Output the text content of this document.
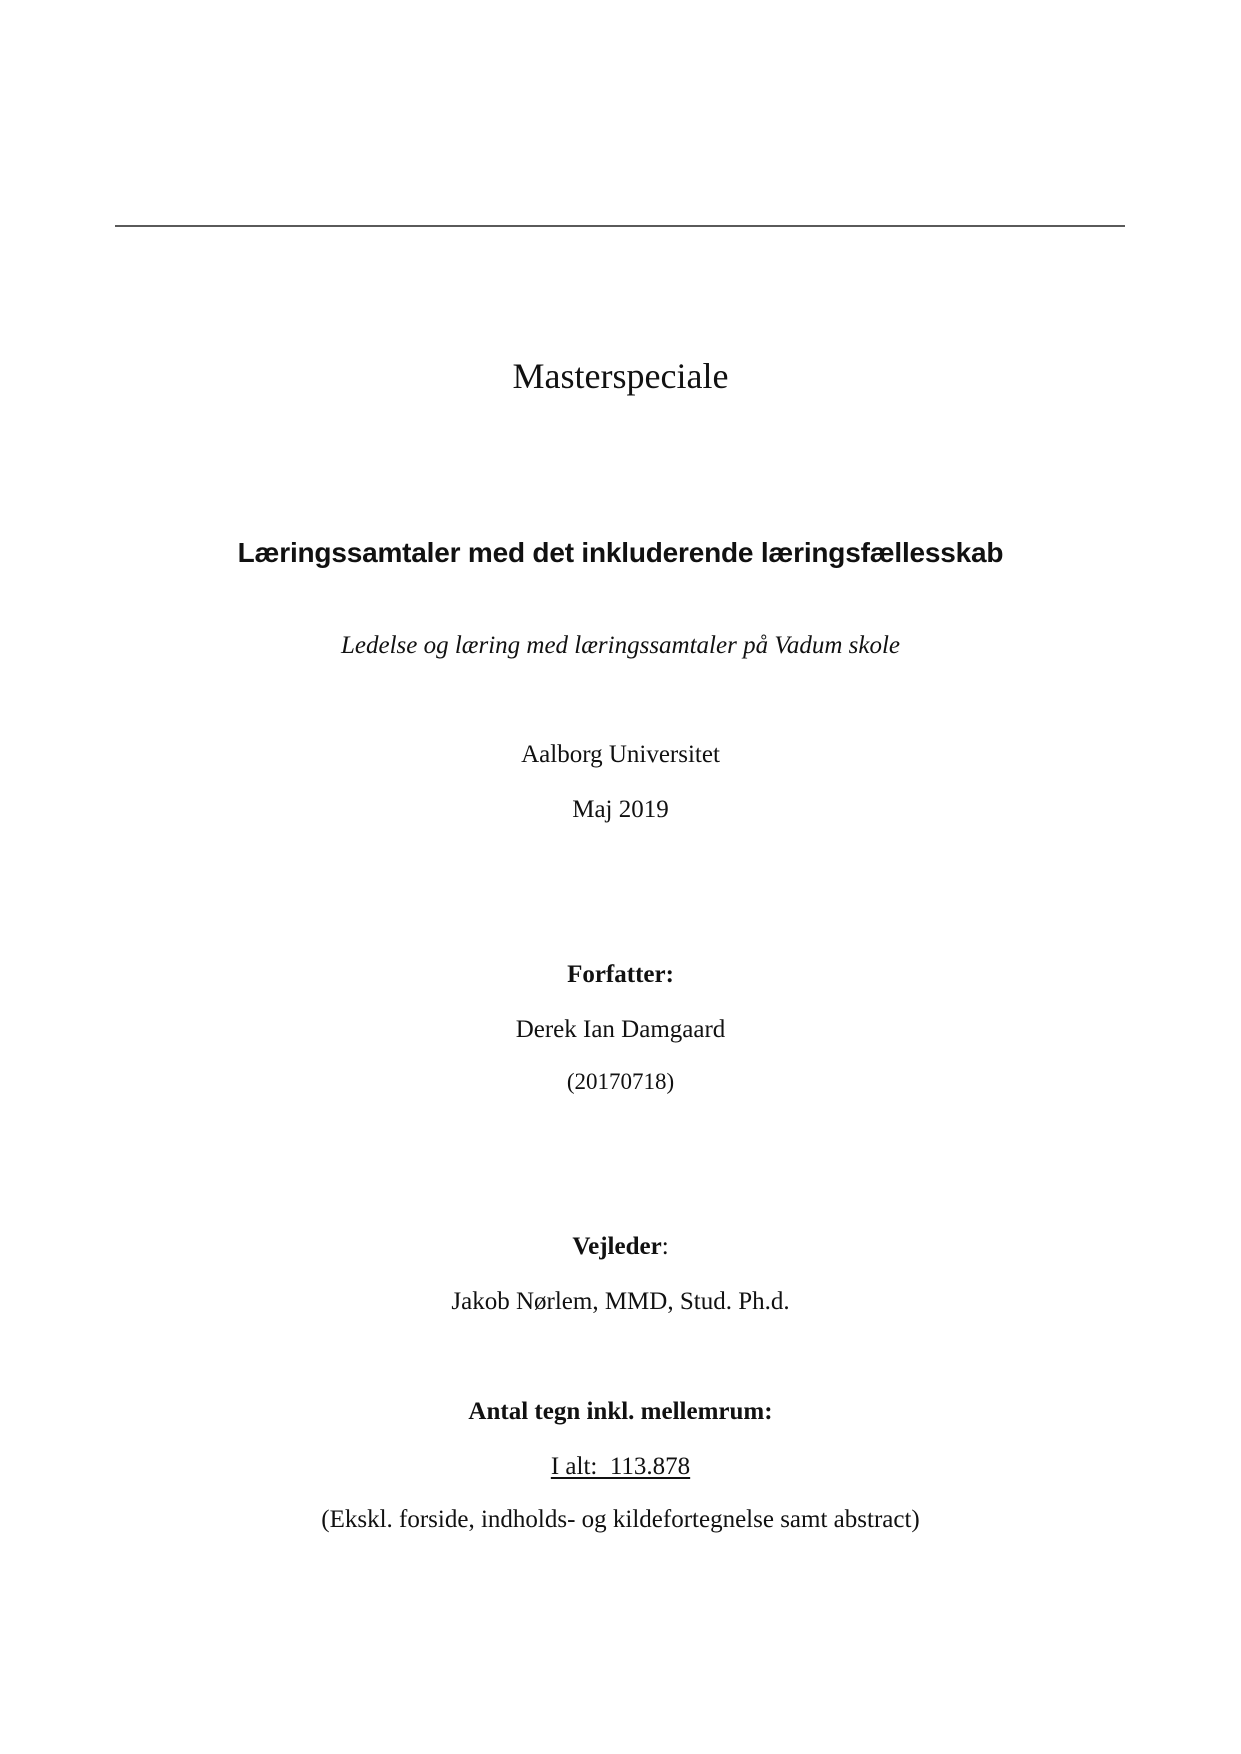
Masterspeciale
Læringssamtaler med det inkluderende læringsfællesskab
Ledelse og læring med læringssamtaler på Vadum skole
Aalborg Universitet
Maj 2019
Forfatter:
Derek Ian Damgaard
(20170718)
Vejleder:
Jakob Nørlem, MMD, Stud. Ph.d.
Antal tegn inkl. mellemrum:
I alt:  113.878
(Ekskl. forside, indholds- og kildefortegnelse samt abstract)
